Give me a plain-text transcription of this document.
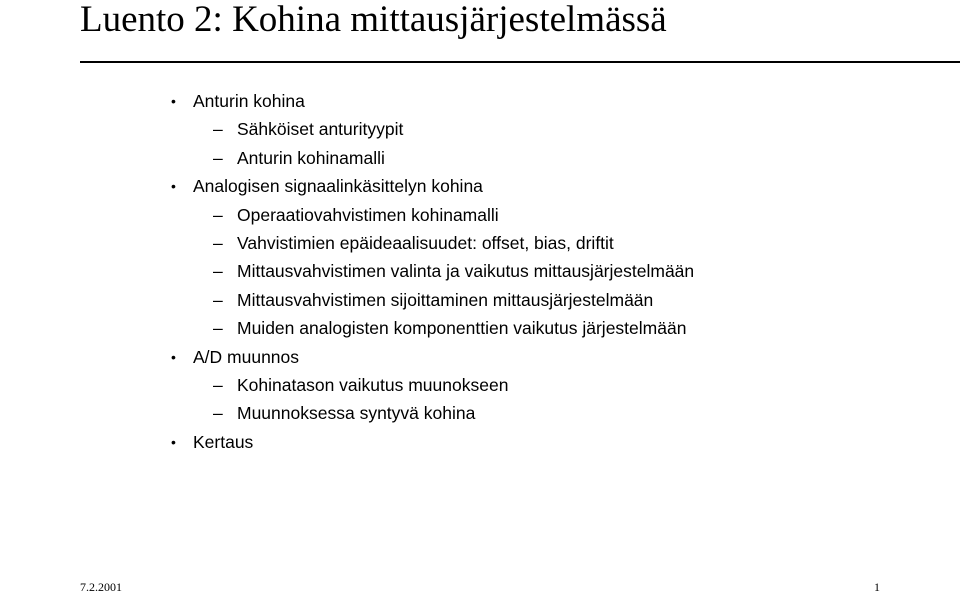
Luento 2: Kohina mittausjärjestelmässä
• Anturin kohina
– Sähköiset anturityypit
– Anturin kohinamalli
• Analogisen signaalinkäsittelyn kohina
– Operaatiovahvistimen kohinamalli
– Vahvistimien epäideaalisuudet: offset, bias, driftit
– Mittausvahvistimen valinta ja vaikutus mittausjärjestelmään
– Mittausvahvistimen sijoittaminen mittausjärjestelmään
– Muiden analogisten komponenttien vaikutus järjestelmään
• A/D muunnos
– Kohinatason vaikutus muunokseen
– Muunnoksessa syntyvä kohina
• Kertaus
7.2.2001	1
